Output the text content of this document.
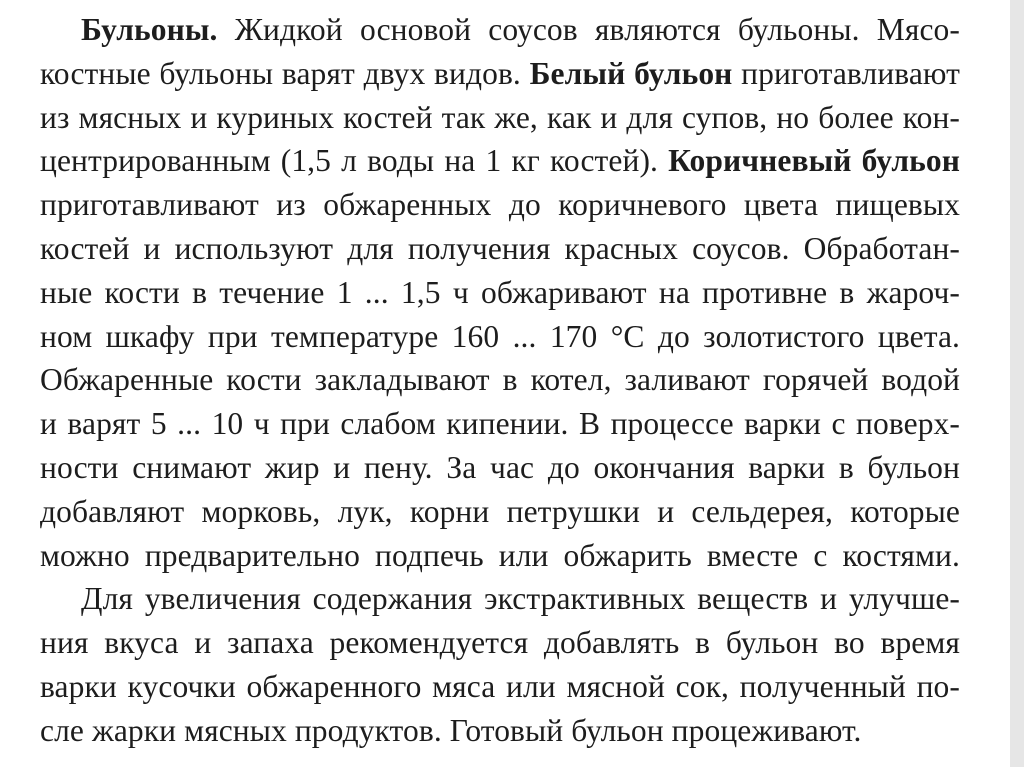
Бульоны. Жидкой основой соусов являются бульоны. Мясо-
костные бульоны варят двух видов. Белый бульон приготавливают
из мясных и куриных костей так же, как и для супов, но более кон-
центрированным (1,5 л воды на 1 кг костей). Коричневый бульон
приготавливают из обжаренных до коричневого цвета пищевых
костей и используют для получения красных соусов. Обработан-
ные кости в течение 1 ... 1,5 ч обжаривают на противне в жароч-
ном шкафу при температуре 160 ... 170 °С до золотистого цвета.
Обжаренные кости закладывают в котел, заливают горячей водой
и варят 5 ... 10 ч при слабом кипении. В процессе варки с поверх-
ности снимают жир и пену. За час до окончания варки в бульон
добавляют морковь, лук, корни петрушки и сельдерея, которые
можно предварительно подпечь или обжарить вместе с костями.
Для увеличения содержания экстрактивных веществ и улучше-
ния вкуса и запаха рекомендуется добавлять в бульон во время
варки кусочки обжаренного мяса или мясной сок, полученный по-
сле жарки мясных продуктов. Готовый бульон процеживают.
